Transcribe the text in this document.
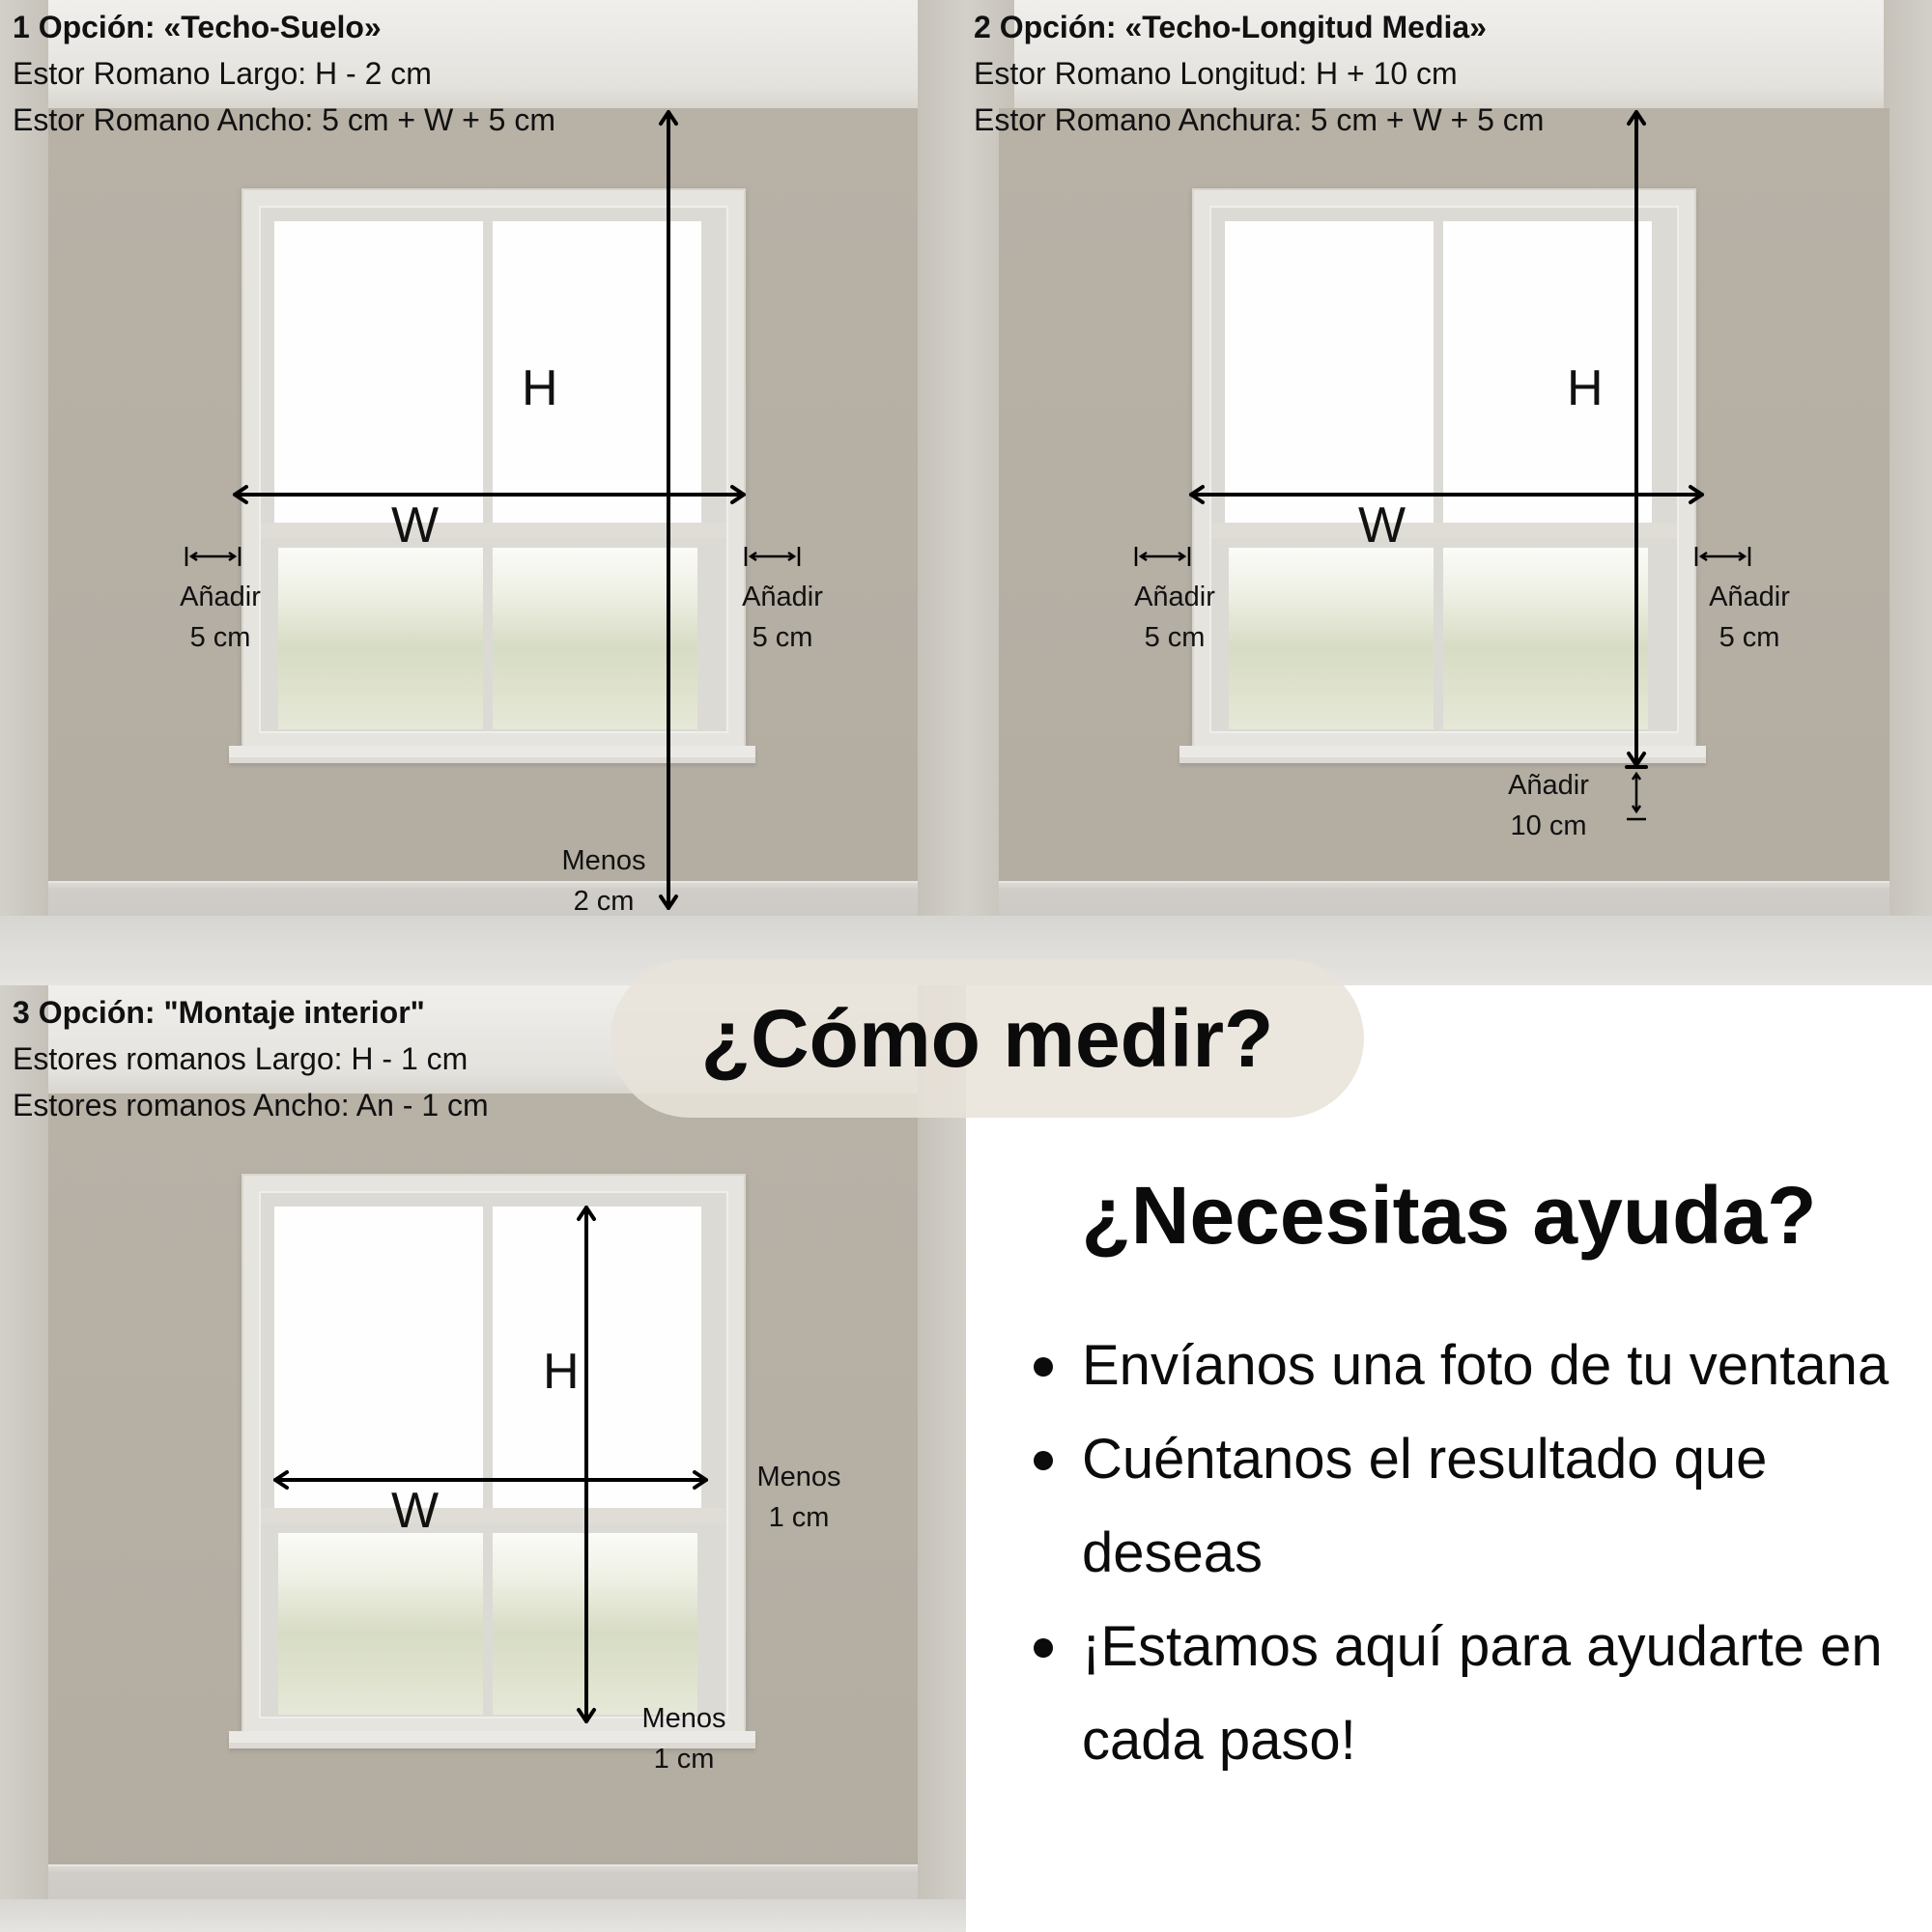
1 Opción: «Techo-Suelo»
Estor Romano Largo: H - 2 cm
Estor Romano Ancho: 5 cm + W + 5 cm
H
W
Añadir
5 cm
Añadir
5 cm
Menos
2 cm
2 Opción: «Techo-Longitud Media»
Estor Romano Longitud: H + 10 cm
Estor Romano Anchura: 5 cm + W + 5 cm
H
W
Añadir
5 cm
Añadir
5 cm
Añadir
10 cm
3 Opción: "Montaje interior"
Estores romanos Largo: H - 1 cm
Estores romanos Ancho: An - 1 cm
H
W
Menos
1 cm
Menos
1 cm
¿Necesitas ayuda?
Envíanos una foto de tu ventana
Cuéntanos el resultado que deseas
¡Estamos aquí para ayudarte en cada paso!
¿Cómo medir?
